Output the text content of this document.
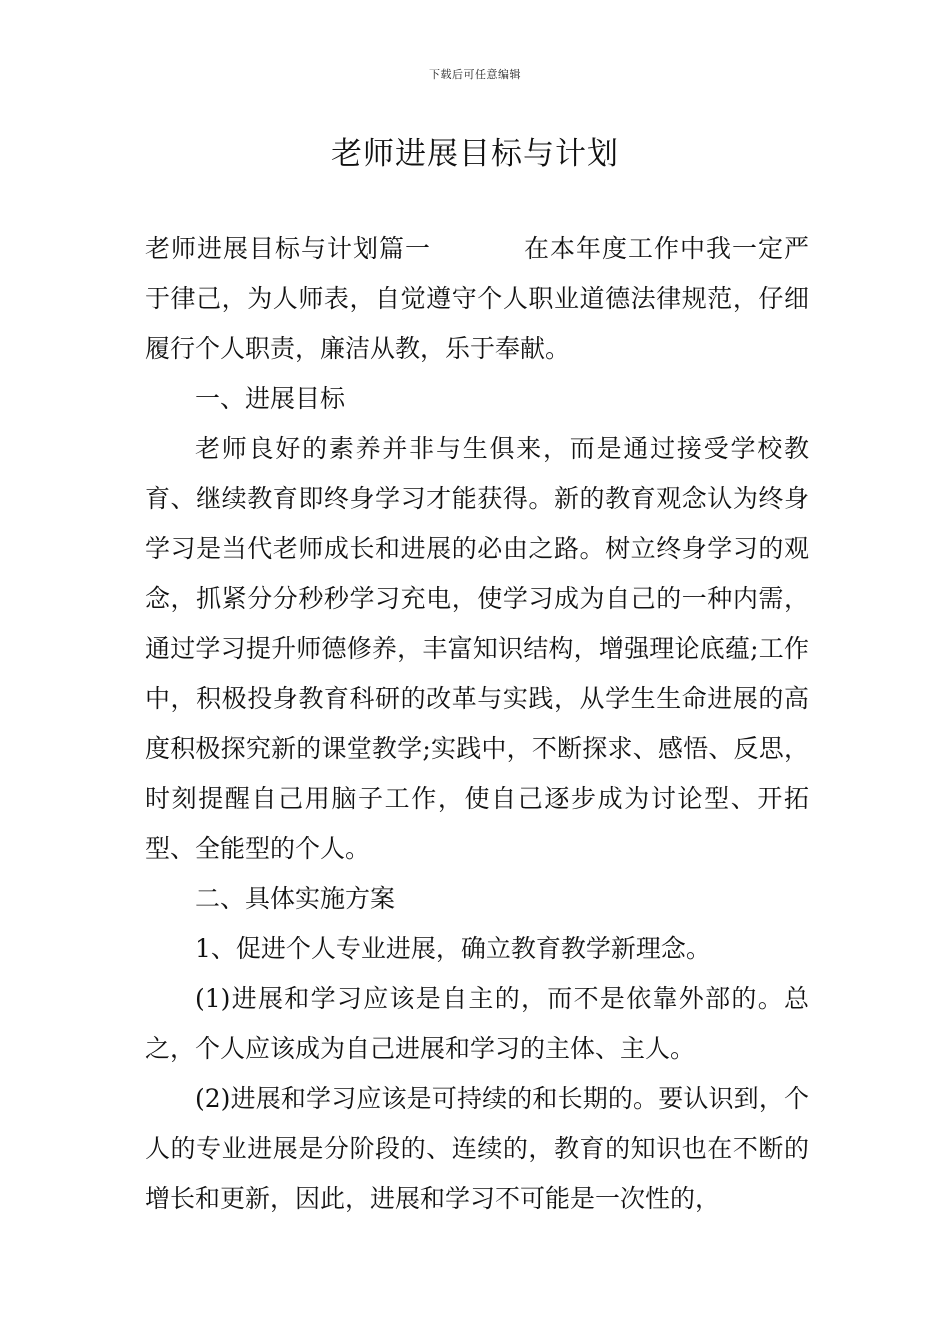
下载后可任意编辑
老师进展目标与计划

老师进展目标与计划篇一	在本年度工作中我一定严于律己，为人师表，自觉遵守个人职业道德法律规范，仔细履行个人职责，廉洁从教，乐于奉献。

一、进展目标

老师良好的素养并非与生俱来，而是通过接受学校教育、继续教育即终身学习才能获得。新的教育观念认为终身学习是当代老师成长和进展的必由之路。树立终身学习的观念，抓紧分分秒秒学习充电，使学习成为自己的一种内需，通过学习提升师德修养，丰富知识结构，增强理论底蕴;工作中，积极投身教育科研的改革与实践，从学生生命进展的高度积极探究新的课堂教学;实践中，不断探求、感悟、反思，时刻提醒自己用脑子工作，使自己逐步成为讨论型、开拓型、全能型的个人。

二、具体实施方案

1、促进个人专业进展，确立教育教学新理念。

(1)进展和学习应该是自主的，而不是依靠外部的。总之，个人应该成为自己进展和学习的主体、主人。

(2)进展和学习应该是可持续的和长期的。要认识到，个人的专业进展是分阶段的、连续的，教育的知识也在不断的增长和更新，因此，进展和学习不可能是一次性的，
